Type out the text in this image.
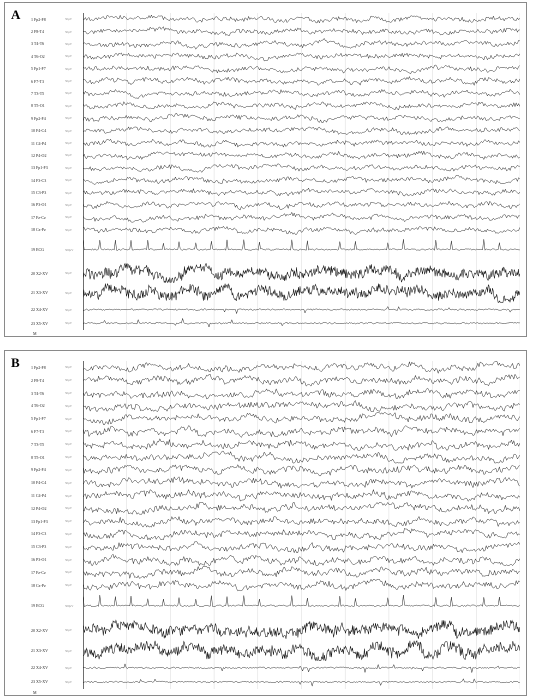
A	1 Fp2-F8	50µV
2 F8-T4	50µV
3 T4-T6	50µV
4 T6-O2	50µV
5 Fp1-F7	50µV
6 F7-T3	50µV
7 T3-T5	50µV
8 T5-O1	50µV
9 Fp2-F4	50µV
10 F4-C4	50µV
11 C4-P4	50µV
12 P4-O2	50µV
13 Fp1-F3	50µV
14 F3-C3	50µV
15 C3-P3	50µV
16 P3-O1	50µV
17 Fz-Cz	50µV
18 Cz-Pz	50µV
19 ECG	500µV
20 X2-XV	50µV
21 X3-XV	50µV
22 X4-XV	50µV
23 X5-XV	50µV
M
B	1 Fp2-F8	50µV
2 F8-T4	50µV
3 T4-T6	50µV
4 T6-O2	50µV
5 Fp1-F7	50µV
6 F7-T3	50µV
7 T3-T5	50µV
8 T5-O1	50µV
9 Fp2-F4	50µV
10 F4-C4	50µV
11 C4-P4	50µV
12 P4-O2	50µV
13 Fp1-F3	50µV
14 F3-C3	50µV
15 C3-P3	50µV
16 P3-O1	50µV
17 Fz-Cz	50µV
18 Cz-Pz	50µV
19 ECG	500µV
20 X2-XV	50µV
21 X3-XV	50µV
22 X4-XV	50µV
23 X5-XV	50µV
M
